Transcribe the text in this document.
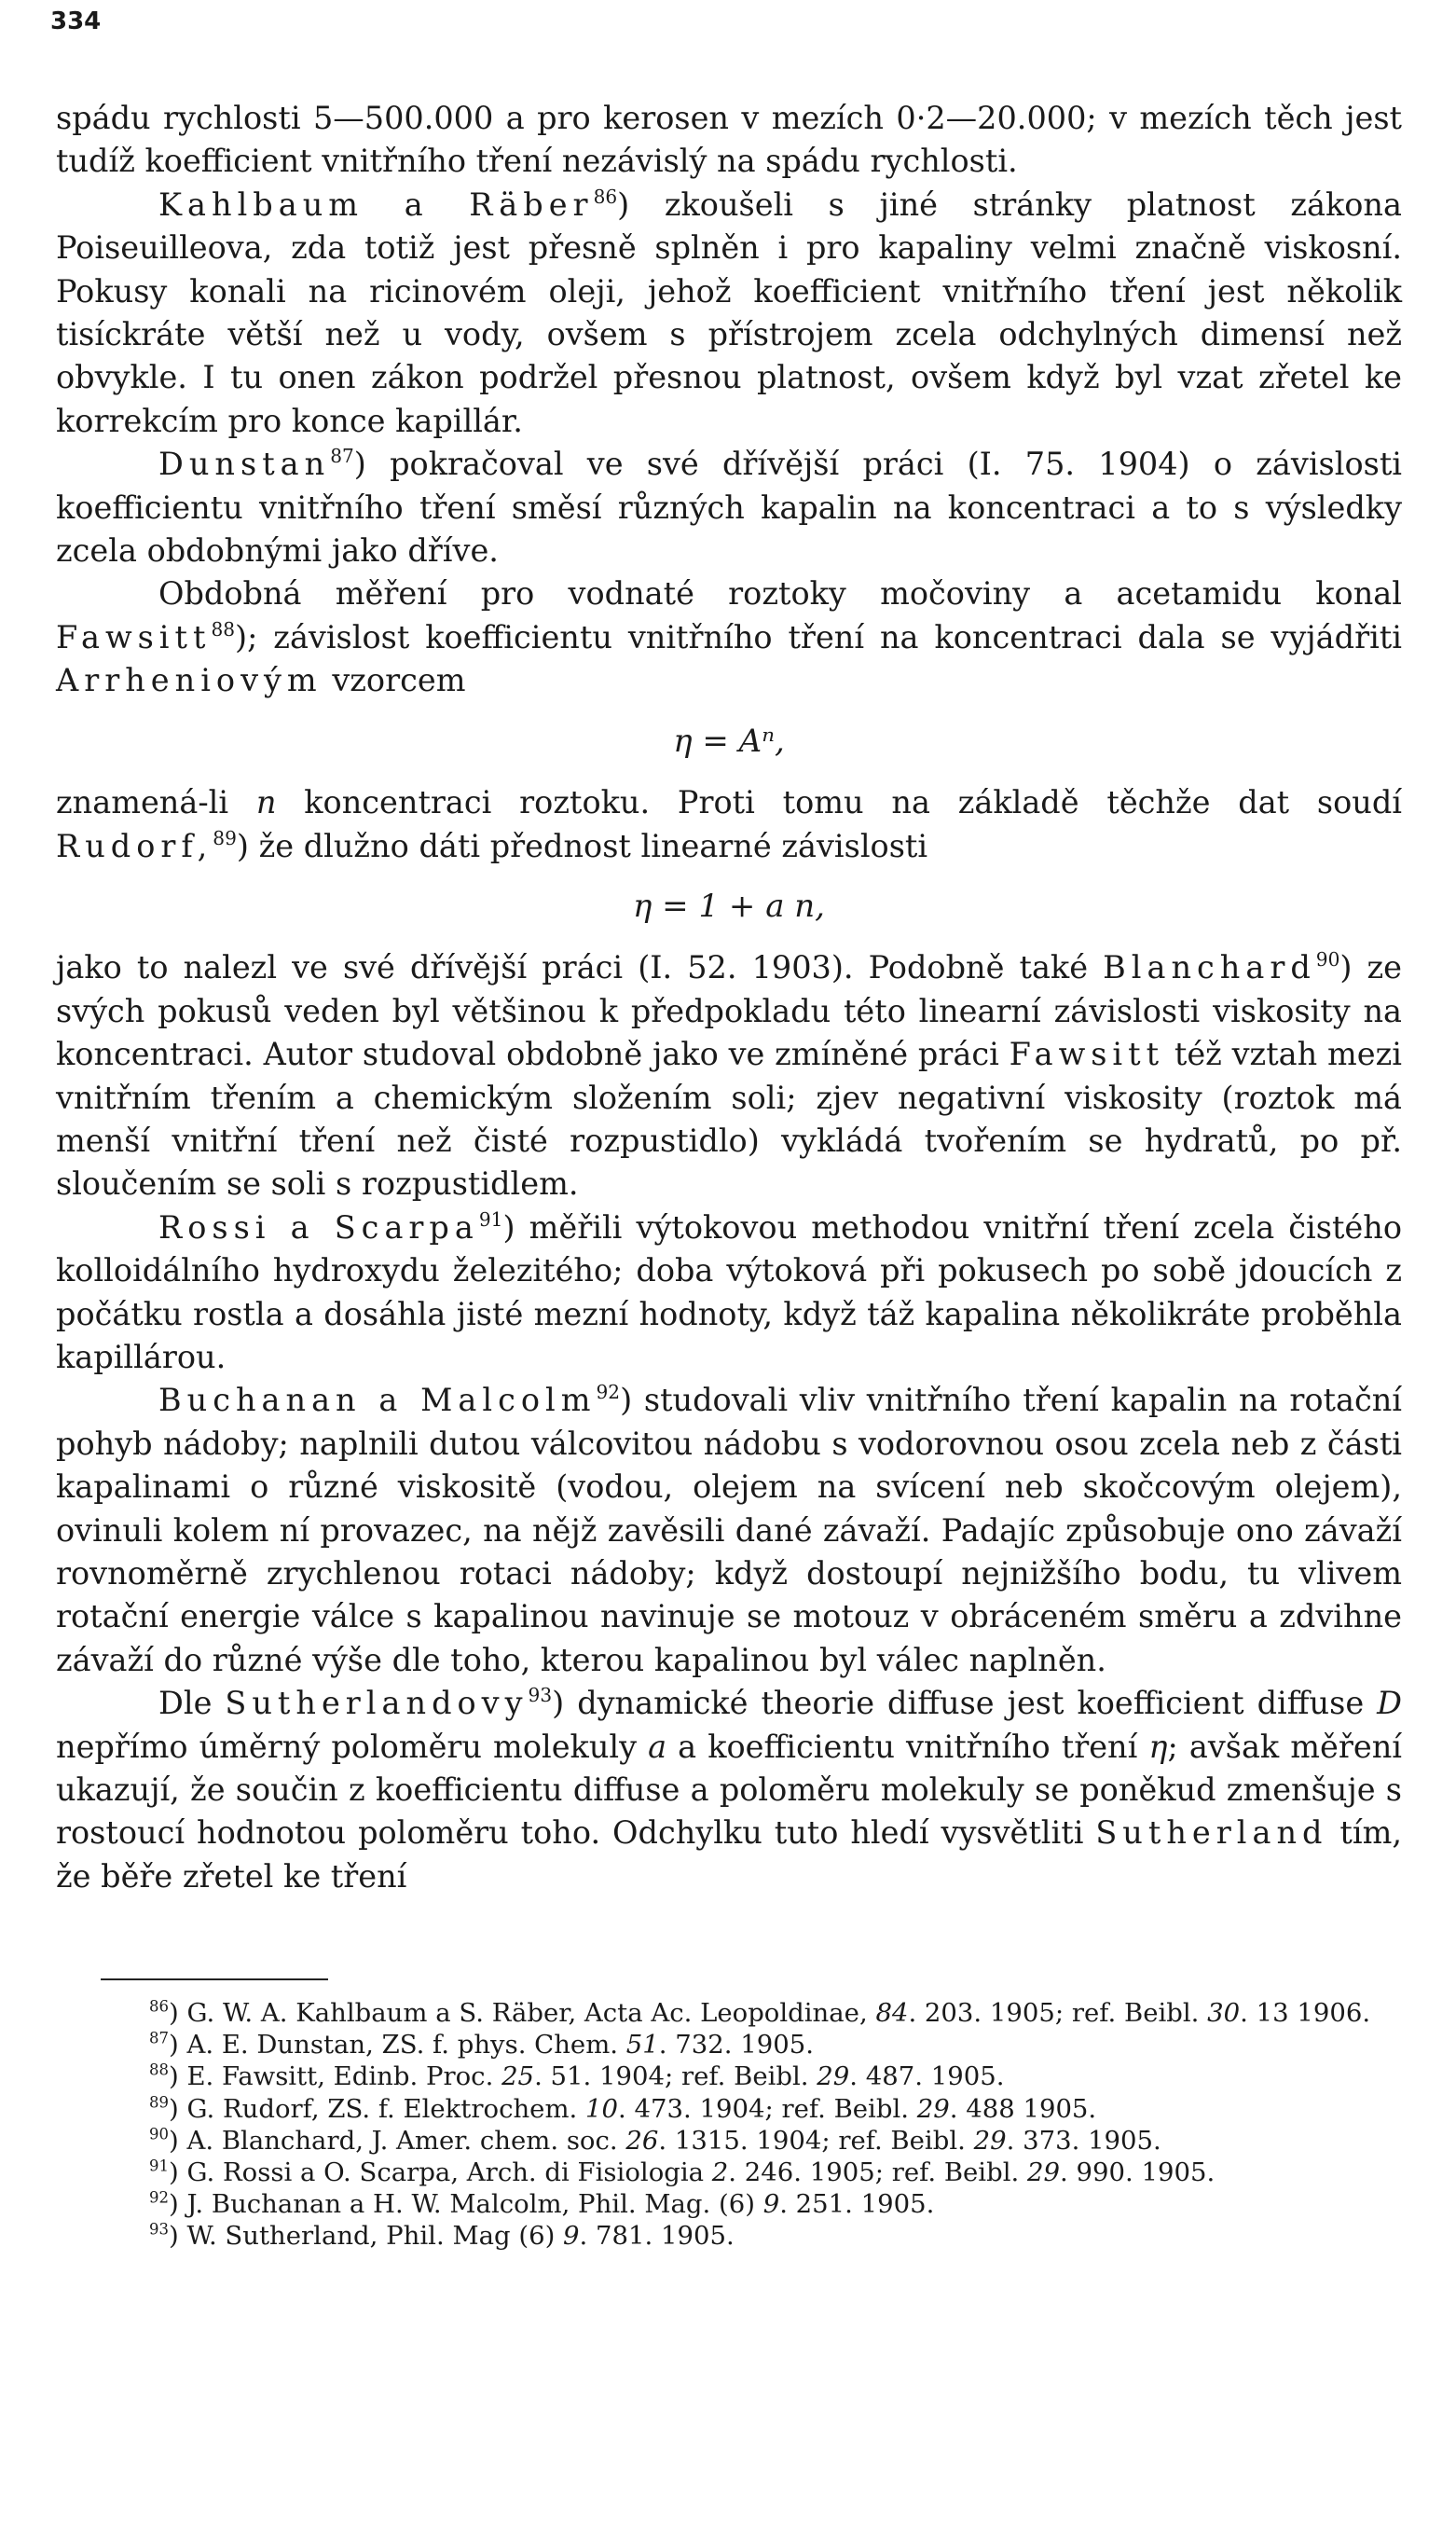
334

spádu rychlosti 5—500.000 a pro kerosen v mezích 0·2—20.000; v mezích těch jest tudíž koefficient vnitřního tření nezávislý na spádu rychlosti.

Kahlbaum a Räber$^{86}$) zkoušeli s jiné stránky platnost zákona Poiseuilleova, zda totiž jest přesně splněn i pro kapaliny velmi značně viskosní. Pokusy konali na ricinovém oleji, jehož koefficient vnitřního tření jest několik tisíckráte větší než u vody, ovšem s přístrojem zcela odchylných dimensí než obvykle. I tu onen zákon podržel přesnou platnost, ovšem když byl vzat zřetel ke korrekcím pro konce kapillár.

Dunstan$^{87}$) pokračoval ve své dřívější práci (I. 75. 1904) o závislosti koefficientu vnitřního tření směsí různých kapalin na koncentraci a to s výsledky zcela obdobnými jako dříve.

Obdobná měření pro vodnaté roztoky močoviny a acetamidu konal Fawsitt$^{88}$); závislost koefficientu vnitřního tření na koncentraci dala se vyjádřiti Arrheniovým vzorcem

η = Aⁿ,

znamená-li n koncentraci roztoku. Proti tomu na základě těchže dat soudí Rudorf,$^{89}$) že dlužno dáti přednost linearné závislosti

η = 1 + a n,

jako to nalezl ve své dřívější práci (I. 52. 1903). Podobně také Blanchard$^{90}$) ze svých pokusů veden byl většinou k předpokladu této linearní závislosti viskosity na koncentraci. Autor studoval obdobně jako ve zmíněné práci Fawsitt též vztah mezi vnitřním třením a chemickým složením soli; zjev negativní viskosity (roztok má menší vnitřní tření než čisté rozpustidlo) vykládá tvořením se hydratů, po př. sloučením se soli s rozpustidlem.

Rossi a Scarpa$^{91}$) měřili výtokovou methodou vnitřní tření zcela čistého kolloidálního hydroxydu železitého; doba výtoková při pokusech po sobě jdoucích z počátku rostla a dosáhla jisté mezní hodnoty, když táž kapalina několikráte proběhla kapillárou.

Buchanan a Malcolm$^{92}$) studovali vliv vnitřního tření kapalin na rotační pohyb nádoby; naplnili dutou válcovitou nádobu s vodorovnou osou zcela neb z části kapalinami o různé viskositě (vodou, olejem na svícení neb skočcovým olejem), ovinuli kolem ní provazec, na nějž zavěsili dané závaží. Padajíc způsobuje ono závaží rovnoměrně zrychlenou rotaci nádoby; když dostoupí nejnižšího bodu, tu vlivem rotační energie válce s kapalinou navinuje se motouz v obráceném směru a zdvihne závaží do různé výše dle toho, kterou kapalinou byl válec naplněn.

Dle Sutherlandovy$^{93}$) dynamické theorie diffuse jest koefficient diffuse D nepřímo úměrný poloměru molekuly a a koefficientu vnitřního tření η; avšak měření ukazují, že součin z koefficientu diffuse a poloměru molekuly se poněkud zmenšuje s rostoucí hodnotou poloměru toho. Odchylku tuto hledí vysvětliti Sutherland tím, že běře zřetel ke tření

$^{86}$) G. W. A. Kahlbaum a S. Räber, Acta Ac. Leopoldinae, 84. 203. 1905; ref. Beibl. 30. 13 1906.

$^{87}$) A. E. Dunstan, ZS. f. phys. Chem. 51. 732. 1905.

$^{88}$) E. Fawsitt, Edinb. Proc. 25. 51. 1904; ref. Beibl. 29. 487. 1905.

$^{89}$) G. Rudorf, ZS. f. Elektrochem. 10. 473. 1904; ref. Beibl. 29. 488 1905.

$^{90}$) A. Blanchard, J. Amer. chem. soc. 26. 1315. 1904; ref. Beibl. 29. 373. 1905.

$^{91}$) G. Rossi a O. Scarpa, Arch. di Fisiologia 2. 246. 1905; ref. Beibl. 29. 990. 1905.

$^{92}$) J. Buchanan a H. W. Malcolm, Phil. Mag. (6) 9. 251. 1905.

$^{93}$) W. Sutherland, Phil. Mag (6) 9. 781. 1905.
